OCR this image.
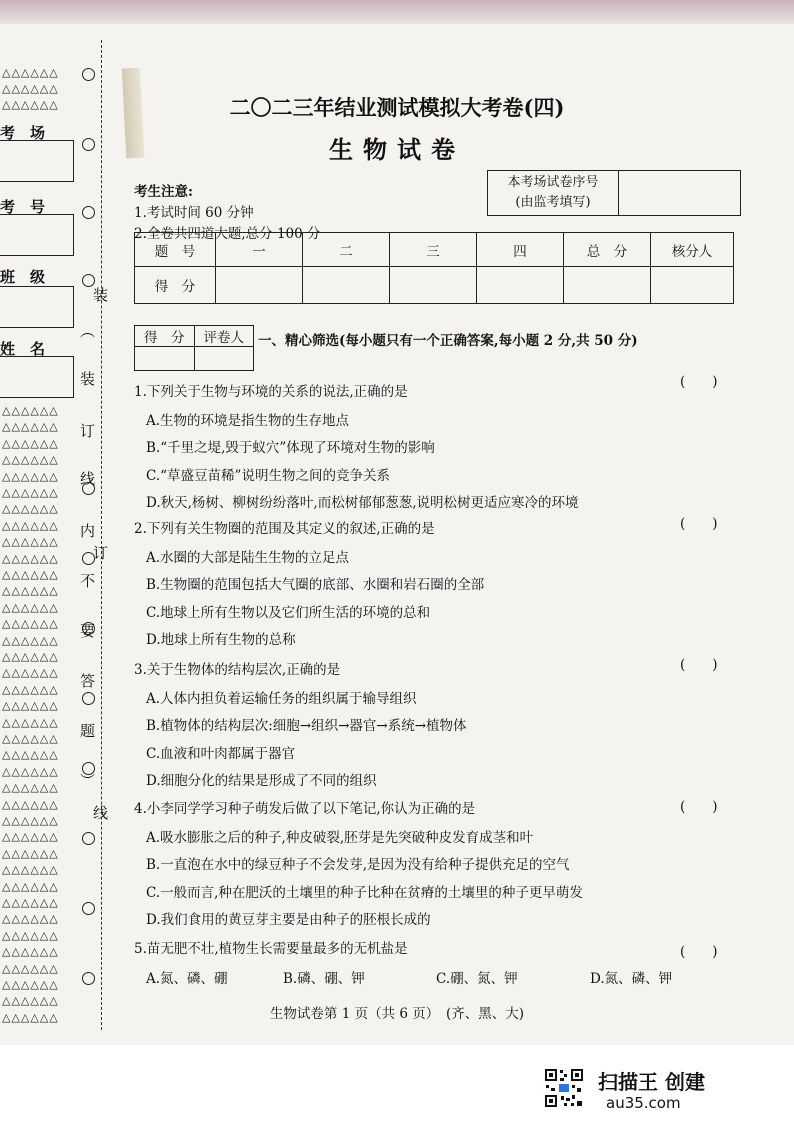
△△△△△△
△△△△△△
△△△△△△
考　场
考　号
班　级
姓　名
△△△△△△
△△△△△△
△△△△△△
△△△△△△
△△△△△△
△△△△△△
△△△△△△
△△△△△△
△△△△△△
△△△△△△
△△△△△△
△△△△△△
△△△△△△
△△△△△△
△△△△△△
△△△△△△
△△△△△△
△△△△△△
△△△△△△
△△△△△△
△△△△△△
△△△△△△
△△△△△△
△△△△△△
△△△△△△
△△△△△△
△△△△△△
△△△△△△
△△△△△△
△△△△△△
△△△△△△
△△△△△△
△△△△△△
△△△△△△
△△△△△△
△△△△△△
△△△△△△
△△△△△△
装
︵
装
订
线
内
订
不
要
答
题
︶
线
二〇二三年结业测试模拟大考卷(四)
生物试卷
本考场试卷序号
(由监考填写)

考生注意:
1.考试时间 60 分钟
2.全卷共四道大题,总分 100 分
题　号	一	二	三	四	总　分	核分人
得　分						
得　分	评卷人
	一、精心筛选(每小题只有一个正确答案,每小题 2 分,共 50 分)
1.下列关于生物与环境的关系的说法,正确的是
(　　)
A.生物的环境是指生物的生存地点
B.“千里之堤,毁于蚁穴”体现了环境对生物的影响
C.“草盛豆苗稀”说明生物之间的竞争关系
D.秋天,杨树、柳树纷纷落叶,而松树郁郁葱葱,说明松树更适应寒冷的环境
2.下列有关生物圈的范围及其定义的叙述,正确的是	(　　)
A.水圈的大部是陆生生物的立足点
B.生物圈的范围包括大气圈的底部、水圈和岩石圈的全部
C.地球上所有生物以及它们所生活的环境的总和
D.地球上所有生物的总称
3.关于生物体的结构层次,正确的是	(　　)
A.人体内担负着运输任务的组织属于输导组织
B.植物体的结构层次:细胞→组织→器官→系统→植物体
C.血液和叶肉都属于器官
D.细胞分化的结果是形成了不同的组织
4.小李同学学习种子萌发后做了以下笔记,你认为正确的是	(　　)
A.吸水膨胀之后的种子,种皮破裂,胚芽是先突破种皮发育成茎和叶
B.一直泡在水中的绿豆种子不会发芽,是因为没有给种子提供充足的空气
C.一般而言,种在肥沃的土壤里的种子比种在贫瘠的土壤里的种子更早萌发
D.我们食用的黄豆芽主要是由种子的胚根长成的
5.苗无肥不壮,植物生长需要量最多的无机盐是	(　　)
A.氮、磷、硼	B.磷、硼、钾	C.硼、氮、钾	D.氮、磷、钾
生物试卷第 1 页（共 6 页）　(齐、黑、大)
扫描王 创建
au35.com
